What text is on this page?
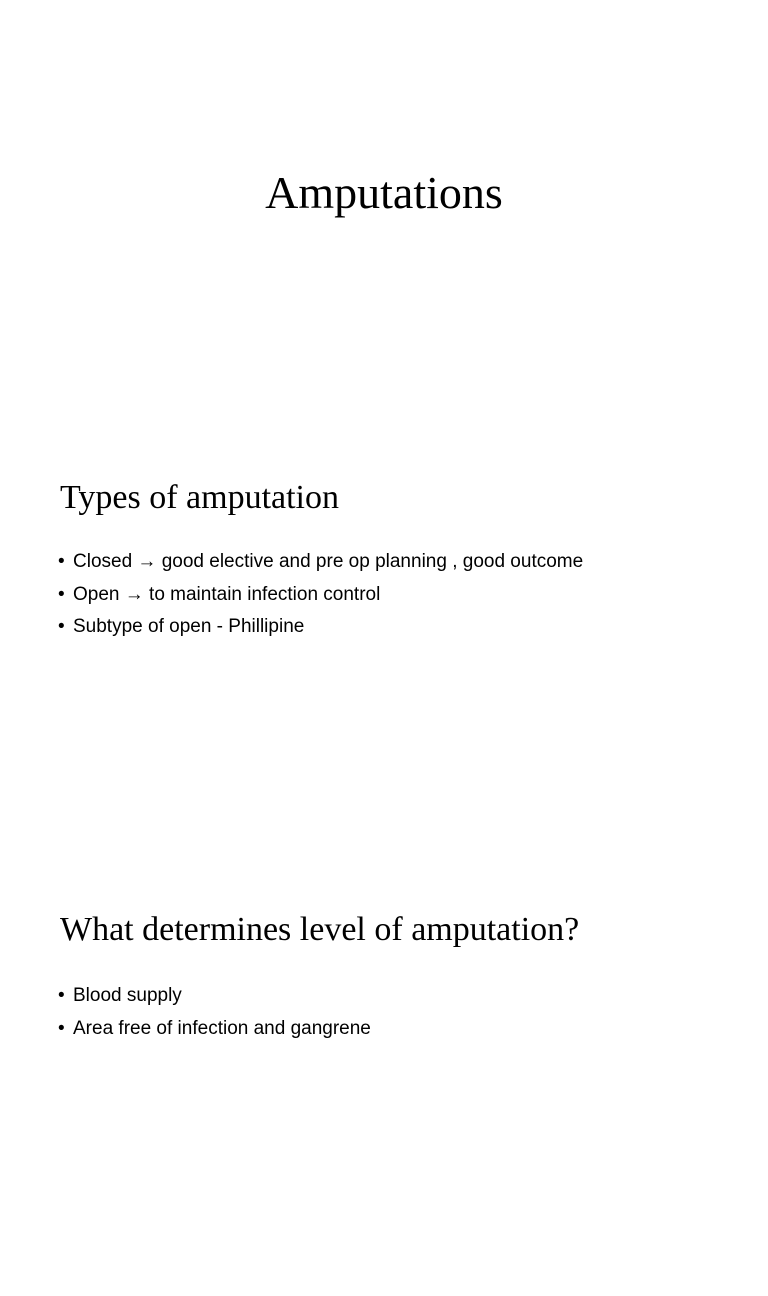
Amputations
Types of amputation
• Closed → good elective and pre op planning , good outcome
• Open → to maintain infection control
• Subtype of open - Phillipine
What determines level of amputation?
• Blood supply
• Area free of infection and gangrene
